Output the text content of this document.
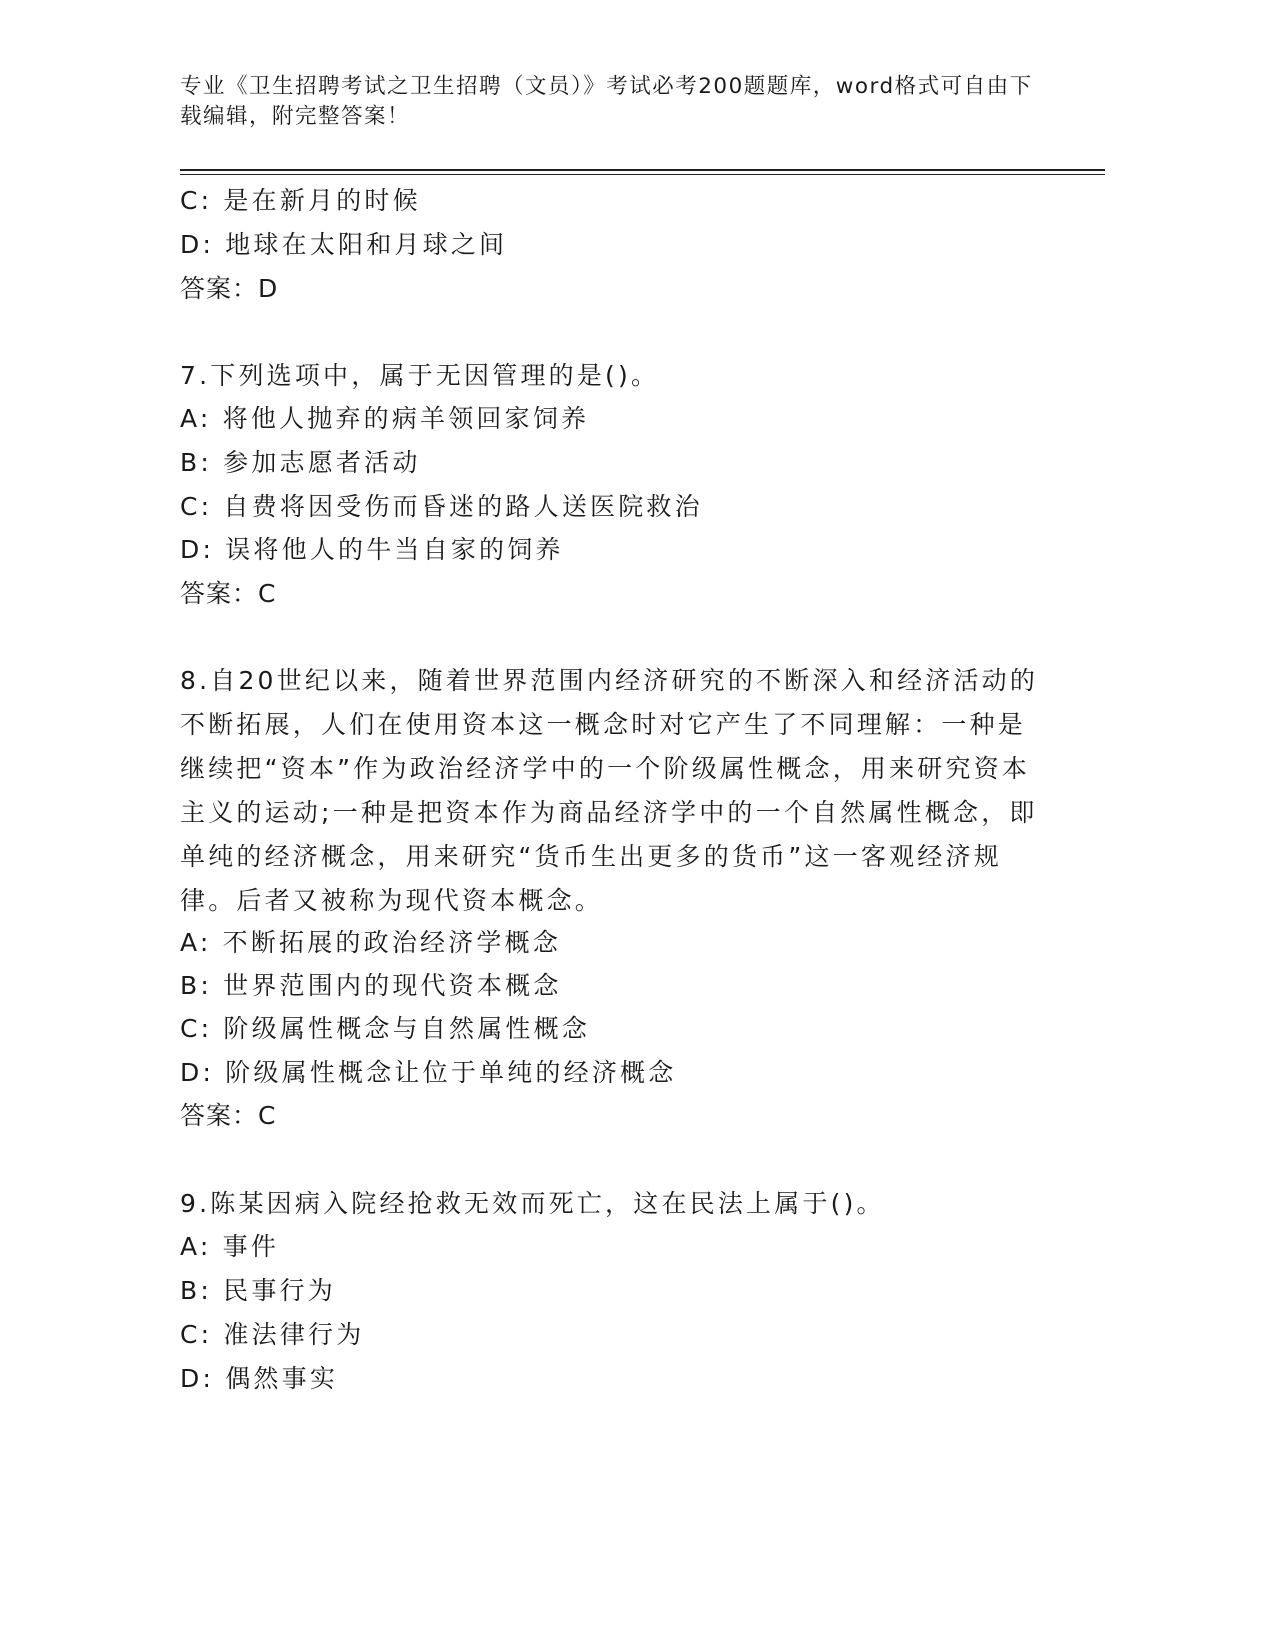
专业《卫生招聘考试之卫生招聘（文员）》考试必考200题题库，word格式可自由下载编辑，附完整答案！
C: 是在新月的时候
D: 地球在太阳和月球之间
答案：D
7.下列选项中，属于无因管理的是()。
A: 将他人抛弃的病羊领回家饲养
B: 参加志愿者活动
C: 自费将因受伤而昏迷的路人送医院救治
D: 误将他人的牛当自家的饲养
答案：C
8.自20世纪以来，随着世界范围内经济研究的不断深入和经济活动的不断拓展，人们在使用资本这一概念时对它产生了不同理解：一种是继续把“资本”作为政治经济学中的一个阶级属性概念，用来研究资本主义的运动;一种是把资本作为商品经济学中的一个自然属性概念，即单纯的经济概念，用来研究“货币生出更多的货币”这一客观经济规律。后者又被称为现代资本概念。
A: 不断拓展的政治经济学概念
B: 世界范围内的现代资本概念
C: 阶级属性概念与自然属性概念
D: 阶级属性概念让位于单纯的经济概念
答案：C
9.陈某因病入院经抢救无效而死亡，这在民法上属于()。
A: 事件
B: 民事行为
C: 准法律行为
D: 偶然事实
